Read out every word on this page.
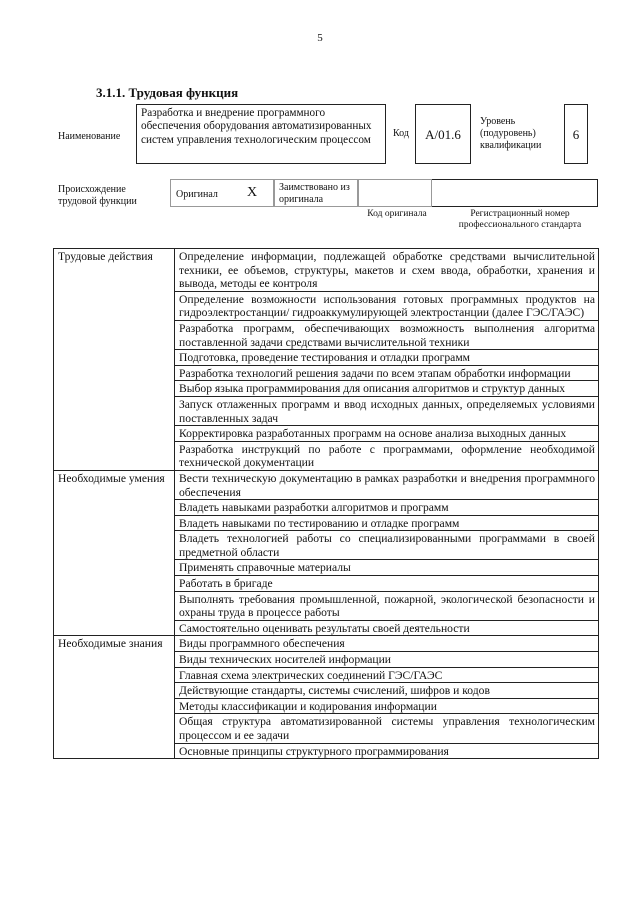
5
3.1.1. Трудовая функция
Наименование
Разработка и внедрение программного обеспечения оборудования автоматизированных систем управления технологическим процессом
Код	A/01.6
Уровень (подуровень) квалификации
6
Происхождение трудовой функции
Оригинал X Заимствовано из оригинала
Код оригинала	Регистрационный номер профессионального стандарта
Трудовые действия	Определение информации, подлежащей обработке средствами вычислительной техники, ее объемов, структуры, макетов и схем ввода, обработки, хранения и вывода, методы ее контроля
	Определение возможности использования готовых программных продуктов на гидроэлектростанции/ гидроаккумулирующей электростанции (далее ГЭС/ГАЭС)
	Разработка программ, обеспечивающих возможность выполнения алгоритма поставленной задачи средствами вычислительной техники
	Подготовка, проведение тестирования и отладки программ
	Разработка технологий решения задачи по всем этапам обработки информации
	Выбор языка программирования для описания алгоритмов и структур данных
	Запуск отлаженных программ и ввод исходных данных, определяемых условиями поставленных задач
	Корректировка разработанных программ на основе анализа выходных данных
	Разработка инструкций по работе с программами, оформление необходимой технической документации
Необходимые умения	Вести техническую документацию в рамках разработки и внедрения программного обеспечения
	Владеть навыками разработки алгоритмов и программ
	Владеть навыками по тестированию и отладке программ
	Владеть технологией работы со специализированными программами в своей предметной области
	Применять справочные материалы
	Работать в бригаде
	Выполнять требования промышленной, пожарной, экологической безопасности и охраны труда в процессе работы
	Самостоятельно оценивать результаты своей деятельности
Необходимые знания	Виды программного обеспечения
	Виды технических носителей информации
	Главная схема электрических соединений ГЭС/ГАЭС
	Действующие стандарты, системы счислений, шифров и кодов
	Методы классификации и кодирования информации
	Общая структура автоматизированной системы управления технологическим процессом и ее задачи
	Основные принципы структурного программирования
